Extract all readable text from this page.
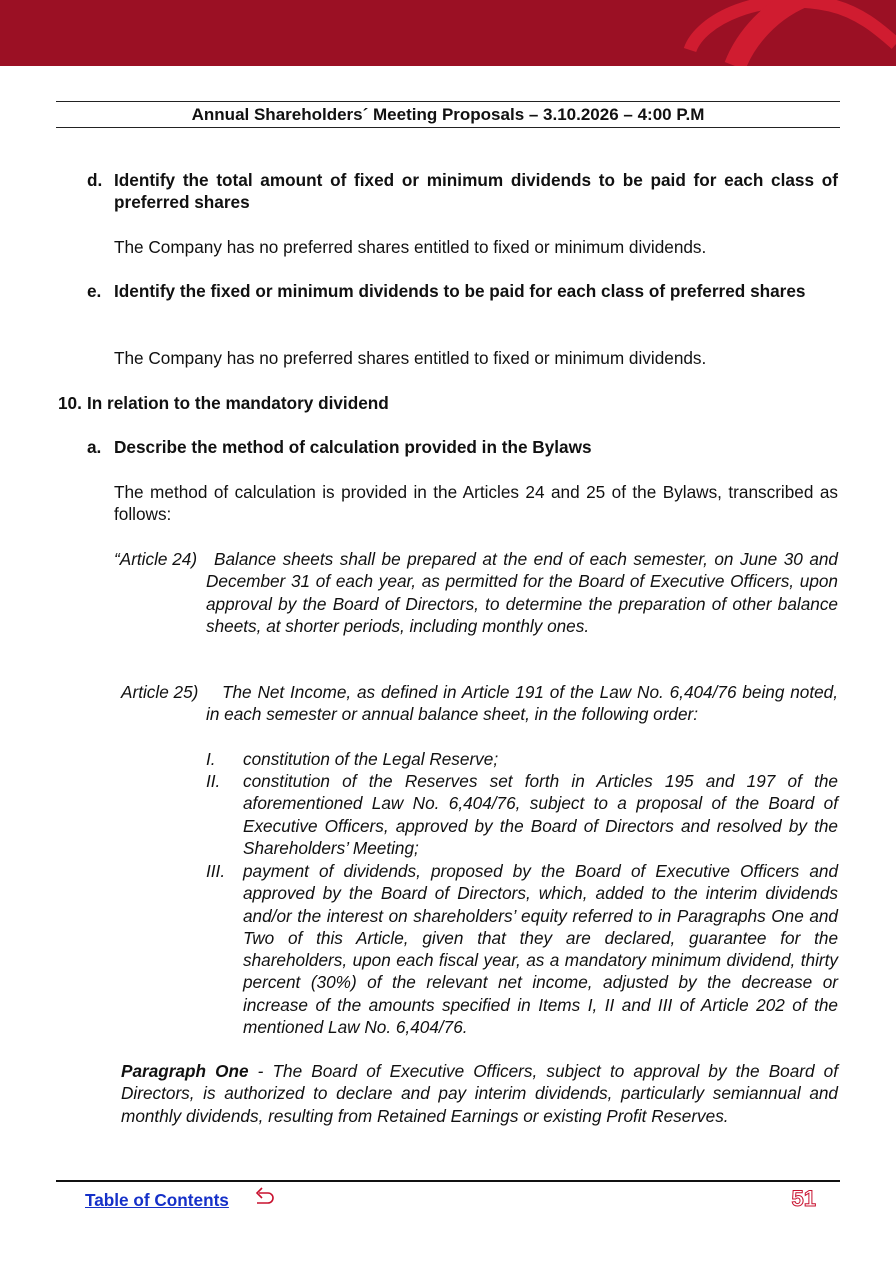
Annual Shareholders´ Meeting Proposals – 3.10.2026 – 4:00 P.M
d. Identify the total amount of fixed or minimum dividends to be paid for each class of preferred shares
The Company has no preferred shares entitled to fixed or minimum dividends.
e. Identify the fixed or minimum dividends to be paid for each class of preferred shares
The Company has no preferred shares entitled to fixed or minimum dividends.
10. In relation to the mandatory dividend
a. Describe the method of calculation provided in the Bylaws
The method of calculation is provided in the Articles 24 and 25 of the Bylaws, transcribed as follows:
“Article 24) Balance sheets shall be prepared at the end of each semester, on June 30 and December 31 of each year, as permitted for the Board of Executive Officers, upon approval by the Board of Directors, to determine the preparation of other balance sheets, at shorter periods, including monthly ones.
Article 25)	The Net Income, as defined in Article 191 of the Law No. 6,404/76 being noted, in each semester or annual balance sheet, in the following order:
I. constitution of the Legal Reserve;
II. constitution of the Reserves set forth in Articles 195 and 197 of the aforementioned Law No. 6,404/76, subject to a proposal of the Board of Executive Officers, approved by the Board of Directors and resolved by the Shareholders’ Meeting;
III. payment of dividends, proposed by the Board of Executive Officers and approved by the Board of Directors, which, added to the interim dividends and/or the interest on shareholders’ equity referred to in Paragraphs One and Two of this Article, given that they are declared, guarantee for the shareholders, upon each fiscal year, as a mandatory minimum dividend, thirty percent (30%) of the relevant net income, adjusted by the decrease or increase of the amounts specified in Items I, II and III of Article 202 of the mentioned Law No. 6,404/76.
Paragraph One - The Board of Executive Officers, subject to approval by the Board of Directors, is authorized to declare and pay interim dividends, particularly semiannual and monthly dividends, resulting from Retained Earnings or existing Profit Reserves.
Table of Contents	51
